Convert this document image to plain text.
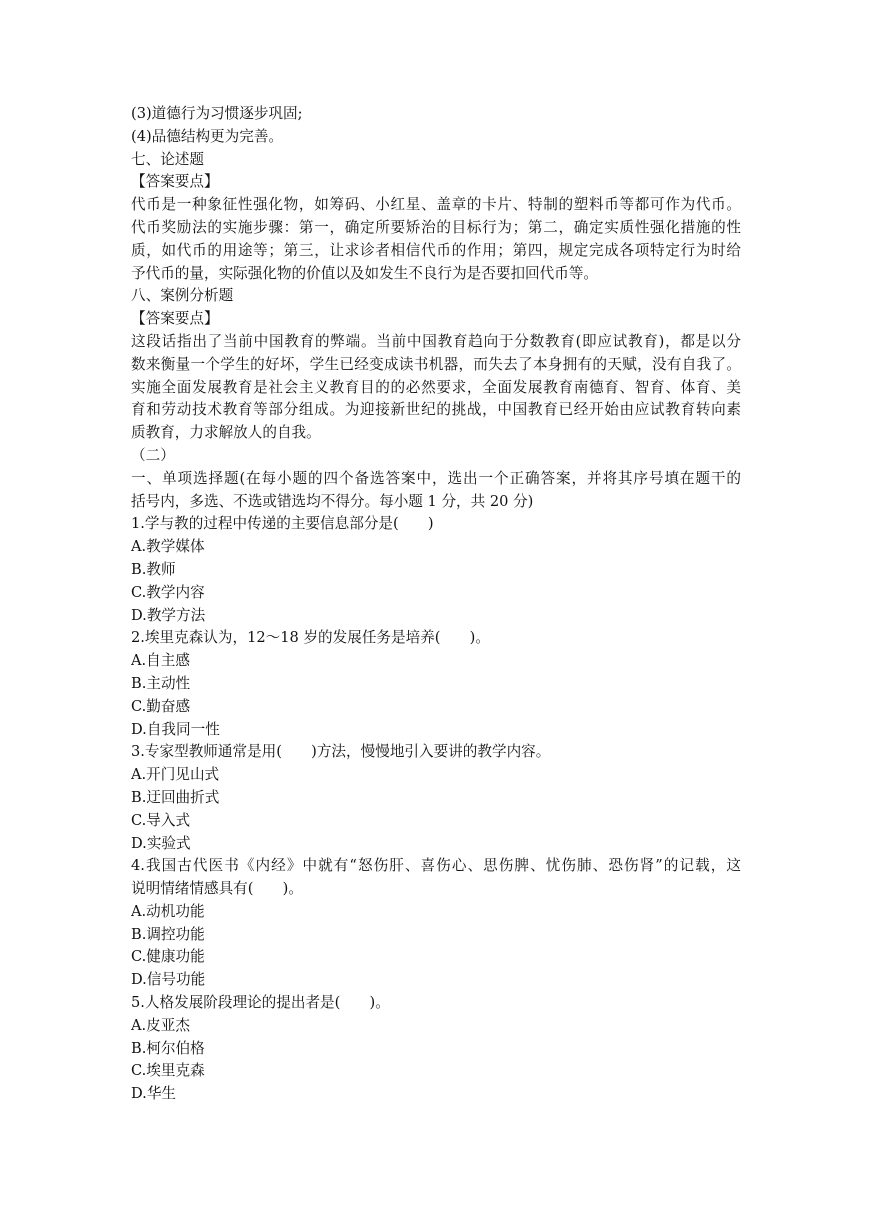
(3)道德行为习惯逐步巩固;
(4)品德结构更为完善。
七、论述题
【答案要点】
代币是一种象征性强化物，如筹码、小红星、盖章的卡片、特制的塑料币等都可作为代币。
代币奖励法的实施步骤：第一，确定所要矫治的目标行为；第二，确定实质性强化措施的性
质，如代币的用途等；第三，让求诊者相信代币的作用；第四，规定完成各项特定行为时给
予代币的量，实际强化物的价值以及如发生不良行为是否要扣回代币等。
八、案例分析题
【答案要点】
这段话指出了当前中国教育的弊端。当前中国教育趋向于分数教育(即应试教育)，都是以分
数来衡量一个学生的好坏，学生已经变成读书机器，而失去了本身拥有的天赋，没有自我了。
实施全面发展教育是社会主义教育目的的必然要求，全面发展教育南德育、智育、体育、美
育和劳动技术教育等部分组成。为迎接新世纪的挑战，中国教育已经开始由应试教育转向素
质教育，力求解放人的自我。
（二）
一、单项选择题(在每小题的四个备选答案中，选出一个正确答案，并将其序号填在题干的
括号内，多选、不选或错选均不得分。每小题 1 分，共 20 分)
1.学与教的过程中传递的主要信息部分是(　　)
A.教学媒体
B.教师
C.教学内容
D.教学方法
2.埃里克森认为，12～18 岁的发展任务是培养(　　)。
A.自主感
B.主动性
C.勤奋感
D.自我同一性
3.专家型教师通常是用(　　)方法，慢慢地引入要讲的教学内容。
A.开门见山式
B.迂回曲折式
C.导入式
D.实验式
4.我国古代医书《内经》中就有“怒伤肝、喜伤心、思伤脾、忧伤肺、恐伤肾”的记载，这
说明情绪情感具有(　　)。
A.动机功能
B.调控功能
C.健康功能
D.信号功能
5.人格发展阶段理论的提出者是(　　)。
A.皮亚杰
B.柯尔伯格
C.埃里克森
D.华生
